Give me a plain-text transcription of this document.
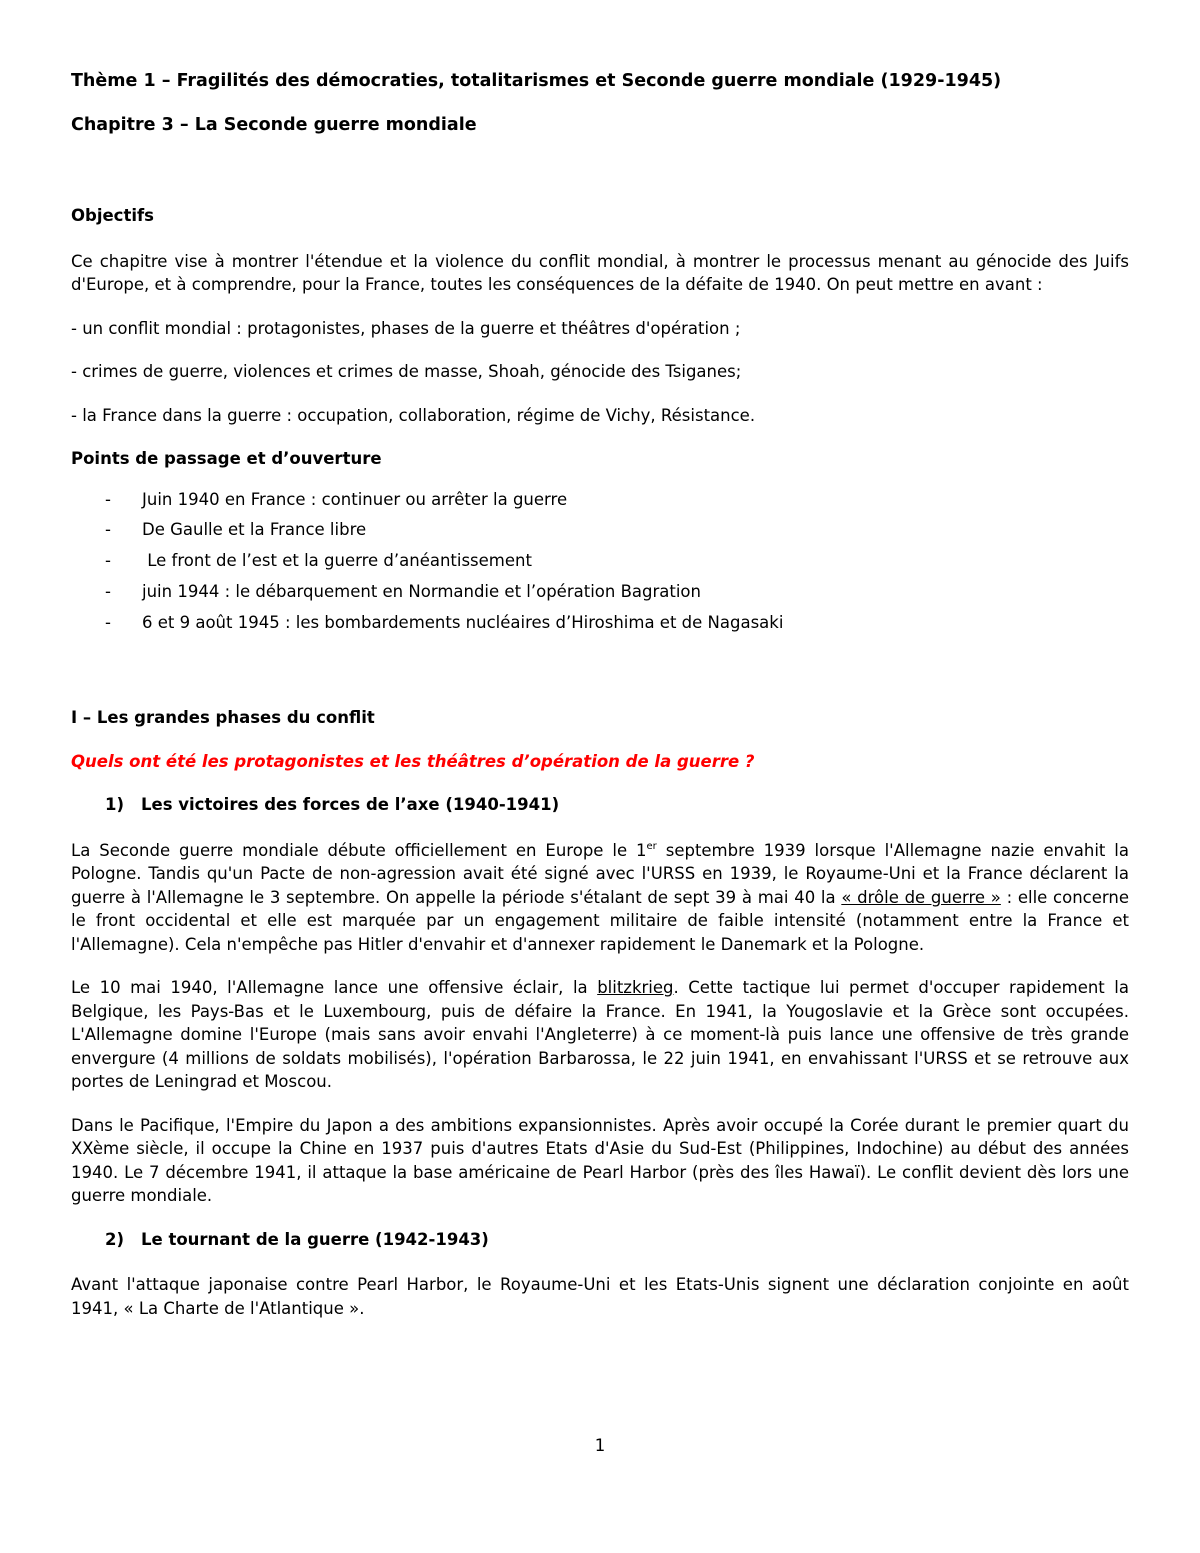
Thème 1 – Fragilités des démocraties, totalitarismes et Seconde guerre mondiale (1929-1945)

Chapitre 3 – La Seconde guerre mondiale

Objectifs

Ce chapitre vise à montrer l'étendue et la violence du conflit mondial, à montrer le processus menant au génocide des Juifs d'Europe, et à comprendre, pour la France, toutes les conséquences de la défaite de 1940. On peut mettre en avant :

- un conflit mondial : protagonistes, phases de la guerre et théâtres d'opération ;

- crimes de guerre, violences et crimes de masse, Shoah, génocide des Tsiganes;

- la France dans la guerre : occupation, collaboration, régime de Vichy, Résistance.

Points de passage et d’ouverture

- Juin 1940 en France : continuer ou arrêter la guerre
- De Gaulle et la France libre
- Le front de l’est et la guerre d’anéantissement
- juin 1944 : le débarquement en Normandie et l’opération Bagration
- 6 et 9 août 1945 : les bombardements nucléaires d’Hiroshima et de Nagasaki

I – Les grandes phases du conflit

Quels ont été les protagonistes et les théâtres d’opération de la guerre ?

1)	Les victoires des forces de l’axe (1940-1941)

La Seconde guerre mondiale débute officiellement en Europe le 1er septembre 1939 lorsque l'Allemagne nazie envahit la Pologne. Tandis qu'un Pacte de non-agression avait été signé avec l'URSS en 1939, le Royaume-Uni et la France déclarent la guerre à l'Allemagne le 3 septembre. On appelle la période s'étalant de sept 39 à mai 40 la « drôle de guerre » : elle concerne le front occidental et elle est marquée par un engagement militaire de faible intensité (notamment entre la France et l'Allemagne). Cela n'empêche pas Hitler d'envahir et d'annexer rapidement le Danemark et la Pologne.

Le 10 mai 1940, l'Allemagne lance une offensive éclair, la blitzkrieg. Cette tactique lui permet d'occuper rapidement la Belgique, les Pays-Bas et le Luxembourg, puis de défaire la France. En 1941, la Yougoslavie et la Grèce sont occupées. L'Allemagne domine l'Europe (mais sans avoir envahi l'Angleterre) à ce moment-là puis lance une offensive de très grande envergure (4 millions de soldats mobilisés), l'opération Barbarossa, le 22 juin 1941, en envahissant l'URSS et se retrouve aux portes de Leningrad et Moscou.

Dans le Pacifique, l'Empire du Japon a des ambitions expansionnistes. Après avoir occupé la Corée durant le premier quart du XXème siècle, il occupe la Chine en 1937 puis d'autres Etats d'Asie du Sud-Est (Philippines, Indochine) au début des années 1940. Le 7 décembre 1941, il attaque la base américaine de Pearl Harbor (près des îles Hawaï). Le conflit devient dès lors une guerre mondiale.

2)	Le tournant de la guerre (1942-1943)

Avant l'attaque japonaise contre Pearl Harbor, le Royaume-Uni et les Etats-Unis signent une déclaration conjointe en août 1941, « La Charte de l'Atlantique ».

1
